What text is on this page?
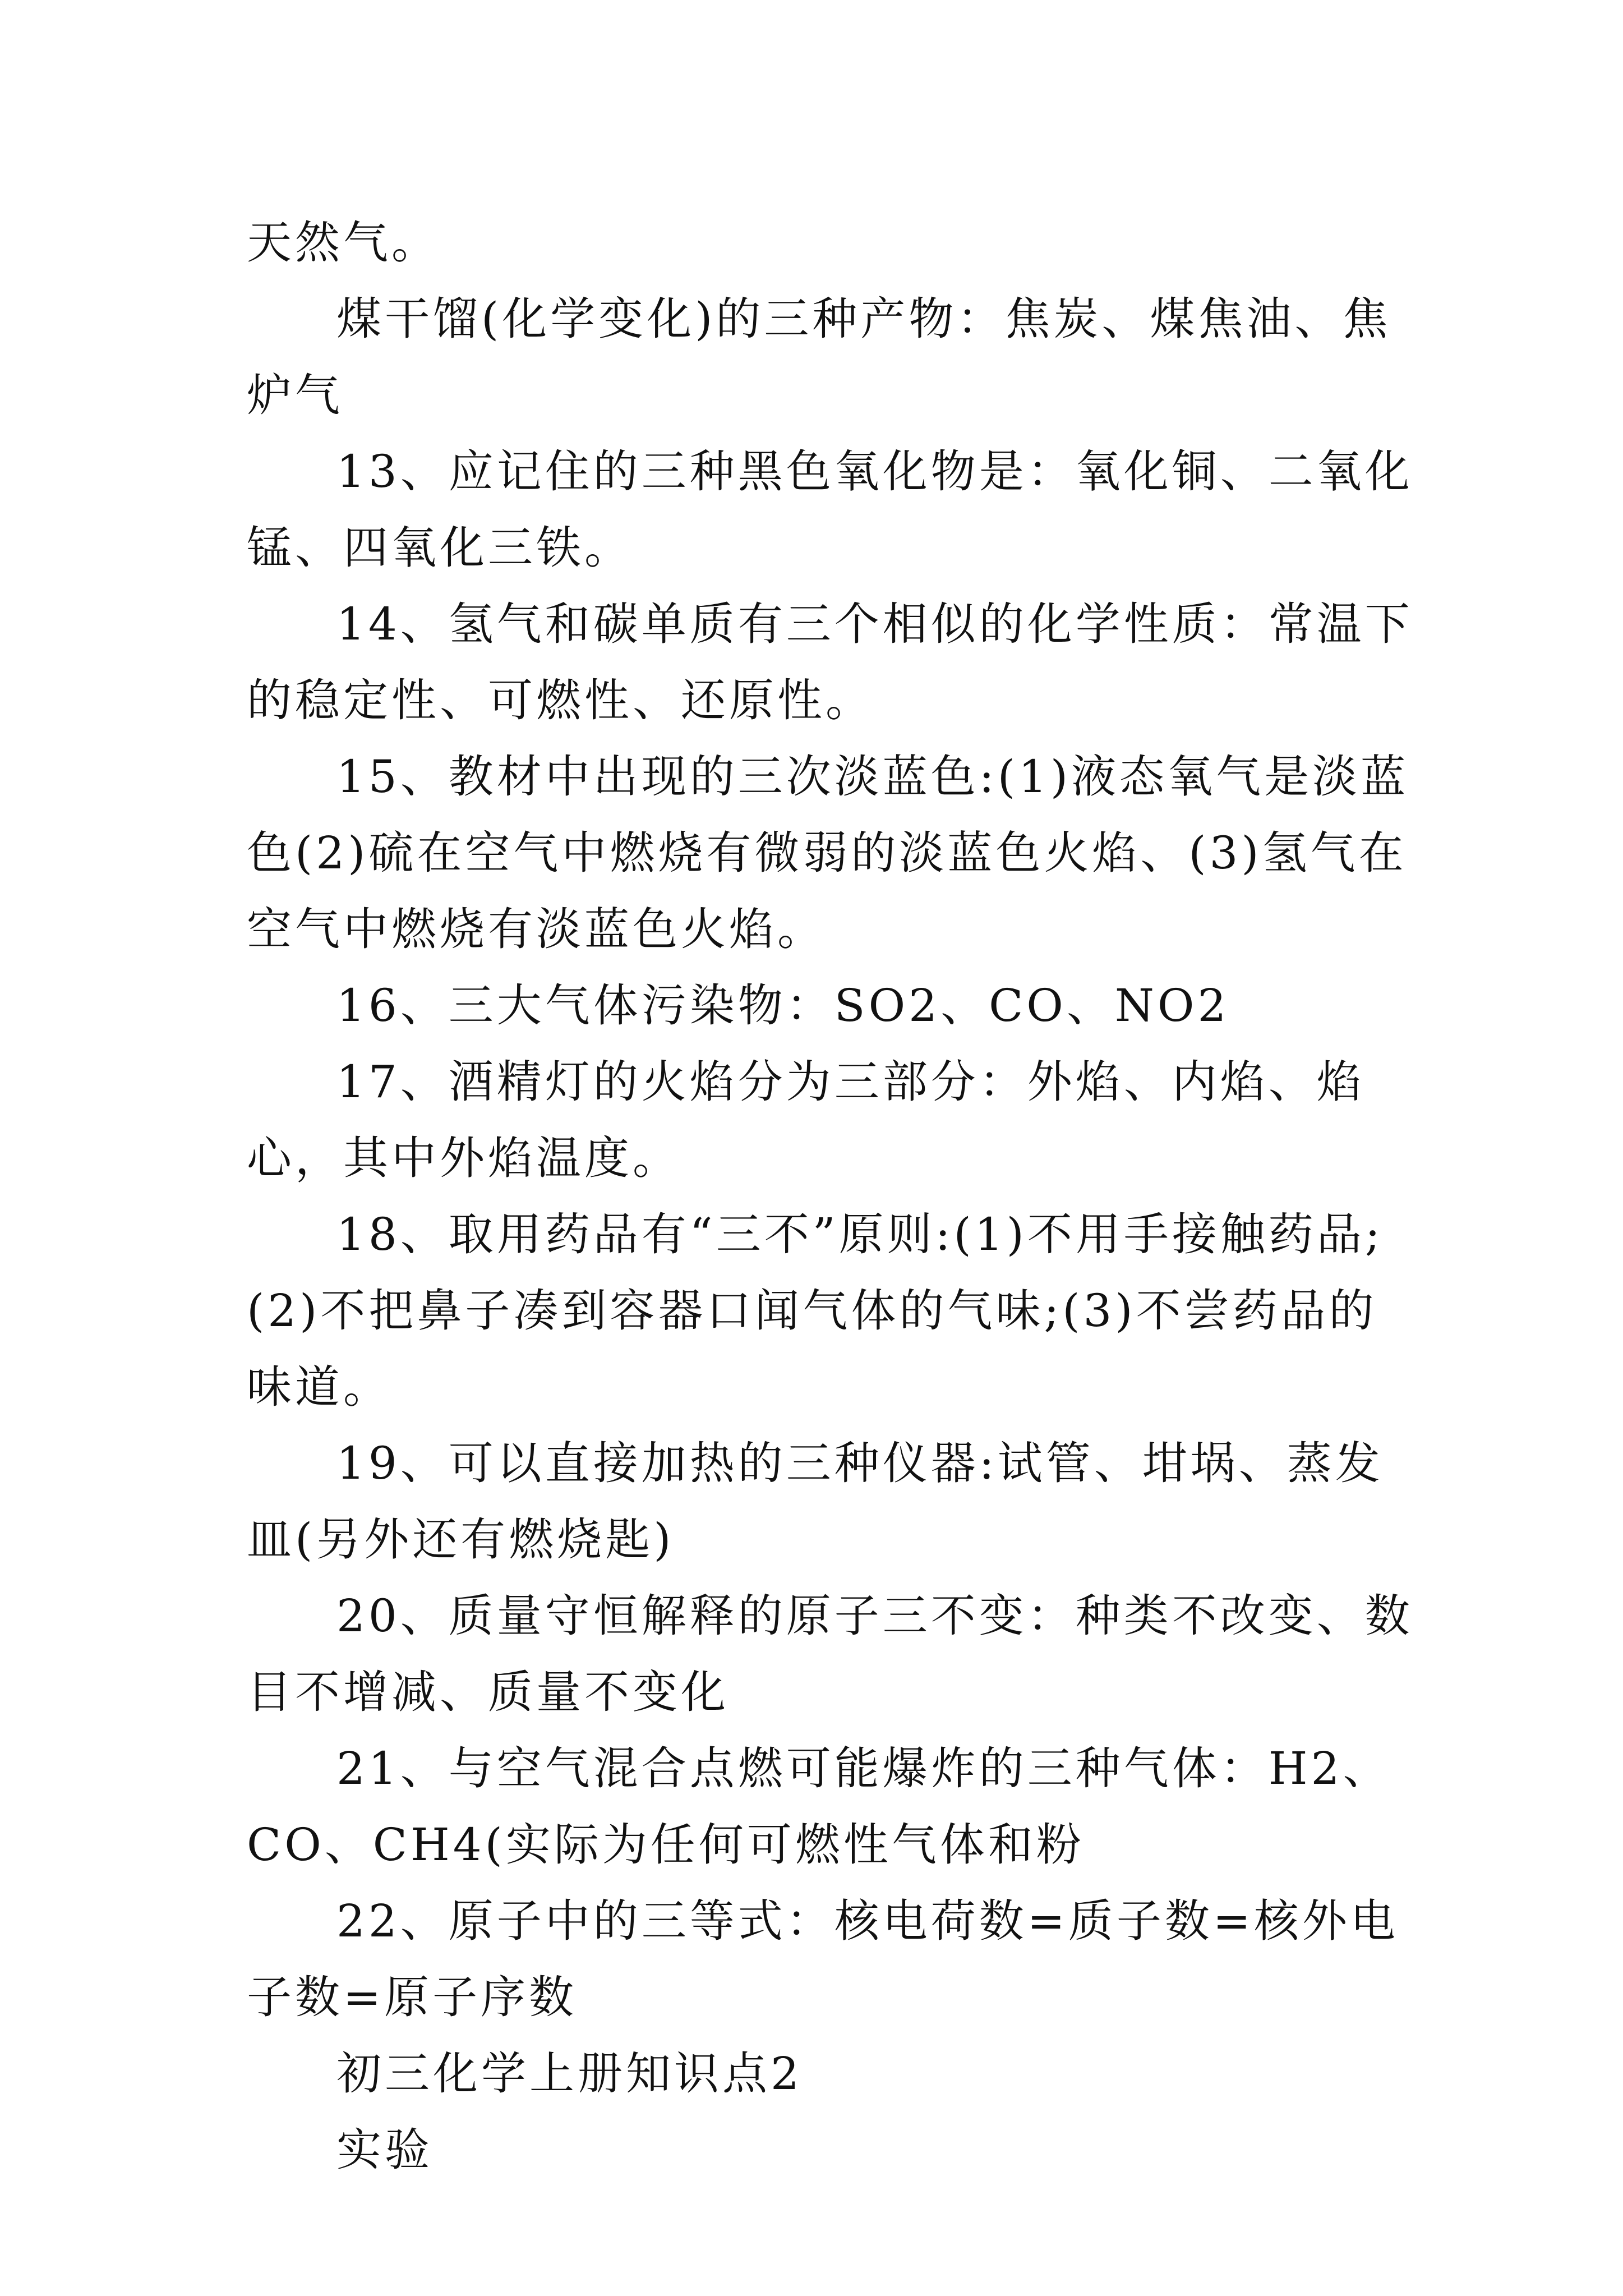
天然气。

煤干馏(化学变化)的三种产物：焦炭、煤焦油、焦炉气

13、应记住的三种黑色氧化物是：氧化铜、二氧化锰、四氧化三铁。

14、氢气和碳单质有三个相似的化学性质：常温下的稳定性、可燃性、还原性。

15、教材中出现的三次淡蓝色:(1)液态氧气是淡蓝色(2)硫在空气中燃烧有微弱的淡蓝色火焰、(3)氢气在空气中燃烧有淡蓝色火焰。

16、三大气体污染物：SO2、CO、NO2

17、酒精灯的火焰分为三部分：外焰、内焰、焰心，其中外焰温度。

18、取用药品有“三不”原则:(1)不用手接触药品;(2)不把鼻子凑到容器口闻气体的气味;(3)不尝药品的味道。

19、可以直接加热的三种仪器:试管、坩埚、蒸发皿(另外还有燃烧匙)

20、质量守恒解释的原子三不变：种类不改变、数目不增减、质量不变化

21、与空气混合点燃可能爆炸的三种气体：H2、CO、CH4(实际为任何可燃性气体和粉

22、原子中的三等式：核电荷数=质子数=核外电子数=原子序数

初三化学上册知识点2

实验
